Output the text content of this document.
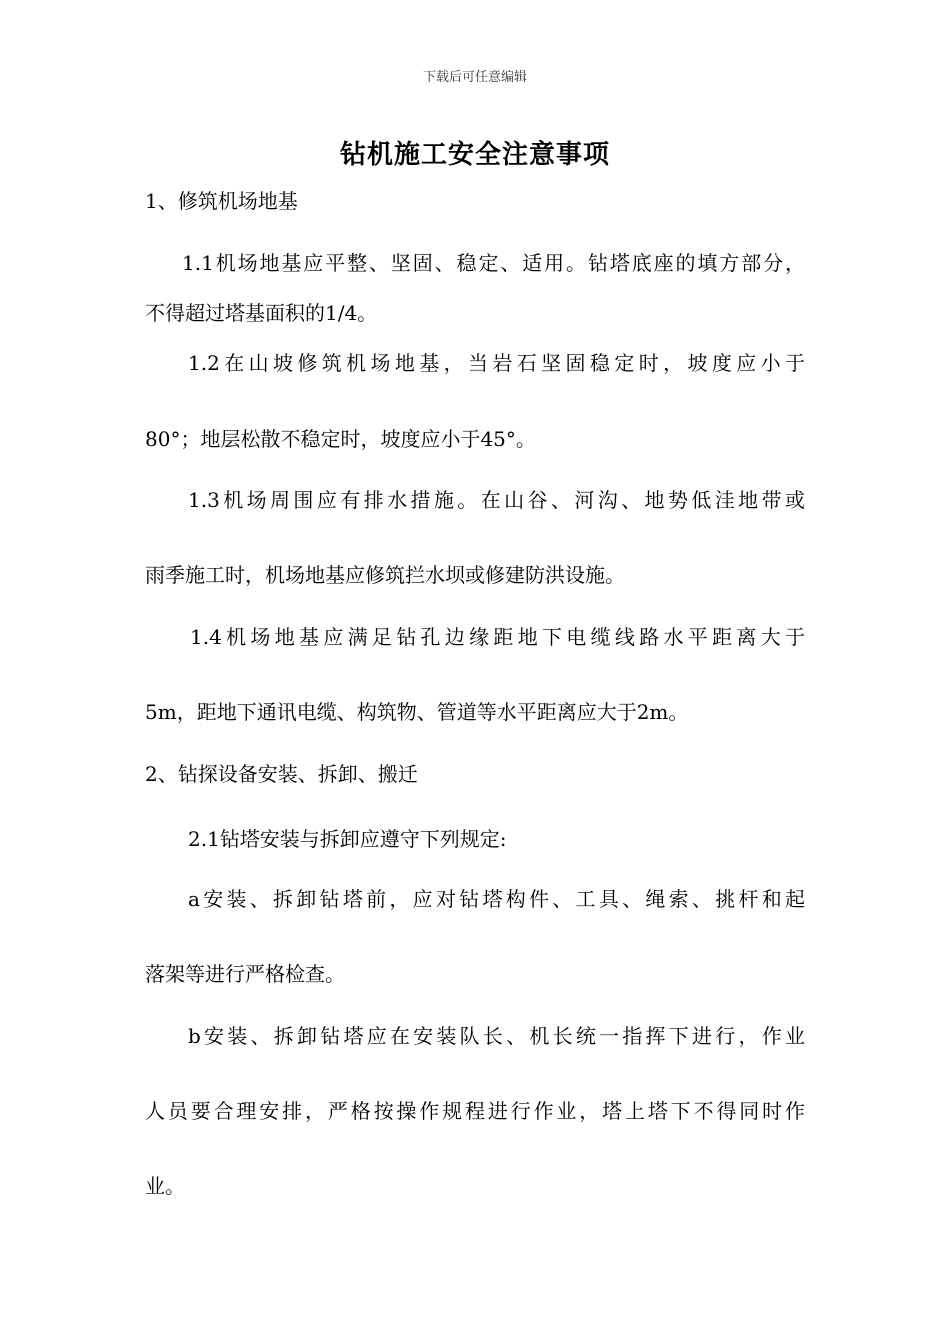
下载后可任意编辑
钻机施工安全注意事项
1、修筑机场地基
1.1机场地基应平整、坚固、稳定、适用。钻塔底座的填方部分，
不得超过塔基面积的1/4。
1.2在山坡修筑机场地基，当岩石坚固稳定时，坡度应小于
80°；地层松散不稳定时，坡度应小于45°。
1.3机场周围应有排水措施。在山谷、河沟、地势低洼地带或
雨季施工时，机场地基应修筑拦水坝或修建防洪设施。
1.4机场地基应满足钻孔边缘距地下电缆线路水平距离大于
5m，距地下通讯电缆、构筑物、管道等水平距离应大于2m。
2、钻探设备安装、拆卸、搬迁
2.1钻塔安装与拆卸应遵守下列规定:
a安装、拆卸钻塔前，应对钻塔构件、工具、绳索、挑杆和起
落架等进行严格检查。
b安装、拆卸钻塔应在安装队长、机长统一指挥下进行，作业
人员要合理安排，严格按操作规程进行作业，塔上塔下不得同时作
业。
